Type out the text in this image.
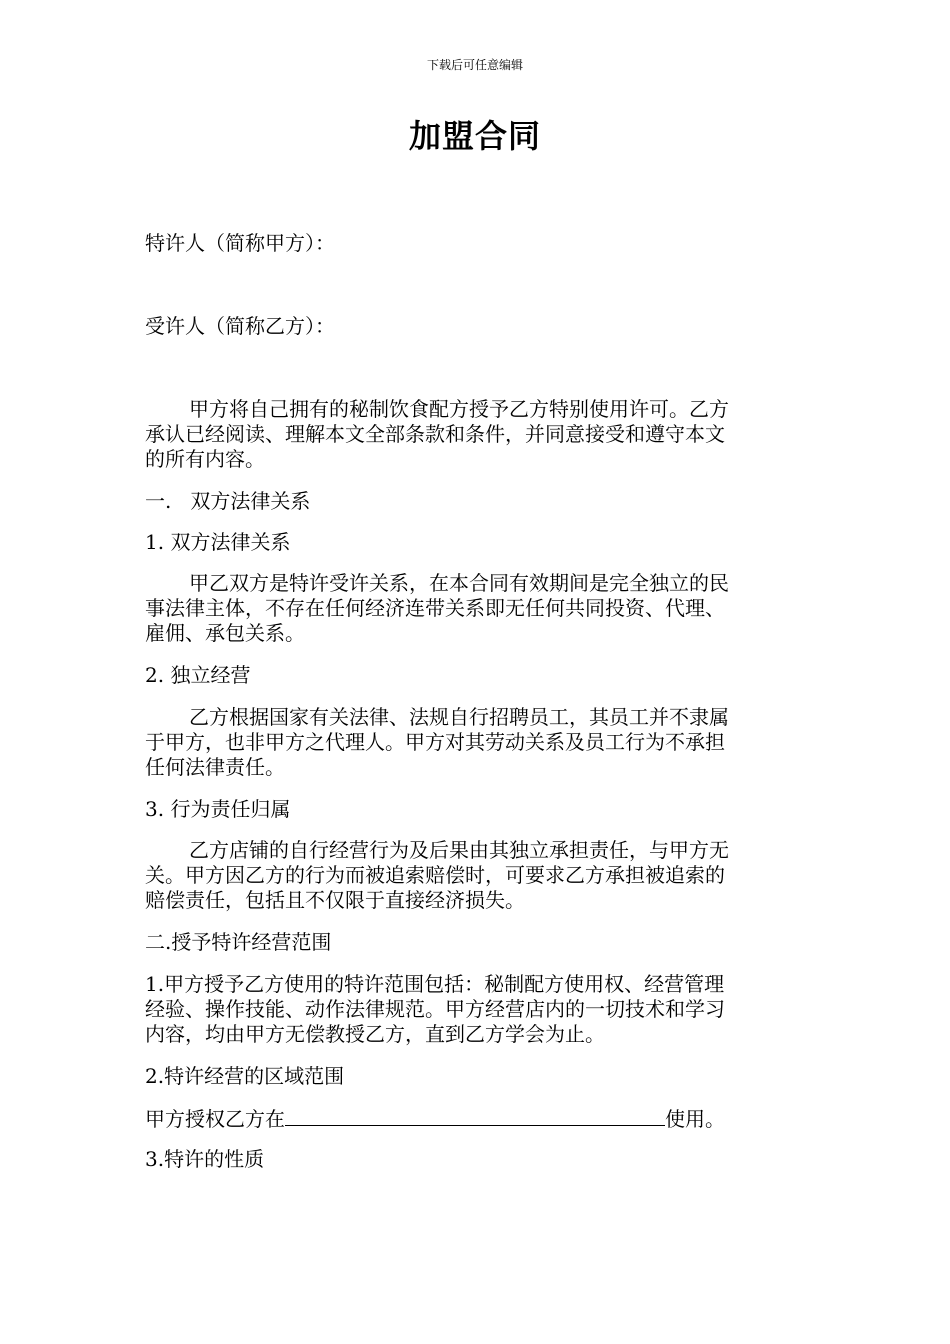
下载后可任意编辑
加盟合同
特许人（简称甲方）：
受许人（简称乙方）：
甲方将自己拥有的秘制饮食配方授予乙方特别使用许可。乙方
承认已经阅读、理解本文全部条款和条件，并同意接受和遵守本文
的所有内容。
一.   双方法律关系
1. 双方法律关系
甲乙双方是特许受许关系，在本合同有效期间是完全独立的民
事法律主体，不存在任何经济连带关系即无任何共同投资、代理、
雇佣、承包关系。
2. 独立经营
乙方根据国家有关法律、法规自行招聘员工，其员工并不隶属
于甲方，也非甲方之代理人。甲方对其劳动关系及员工行为不承担
任何法律责任。
3. 行为责任归属
乙方店铺的自行经营行为及后果由其独立承担责任，与甲方无
关。甲方因乙方的行为而被追索赔偿时，可要求乙方承担被追索的
赔偿责任，包括且不仅限于直接经济损失。
二.授予特许经营范围
1.甲方授予乙方使用的特许范围包括：秘制配方使用权、经营管理
经验、操作技能、动作法律规范。甲方经营店内的一切技术和学习
内容，均由甲方无偿教授乙方，直到乙方学会为止。
2.特许经营的区域范围
甲方授权乙方在	使用。
3.特许的性质
